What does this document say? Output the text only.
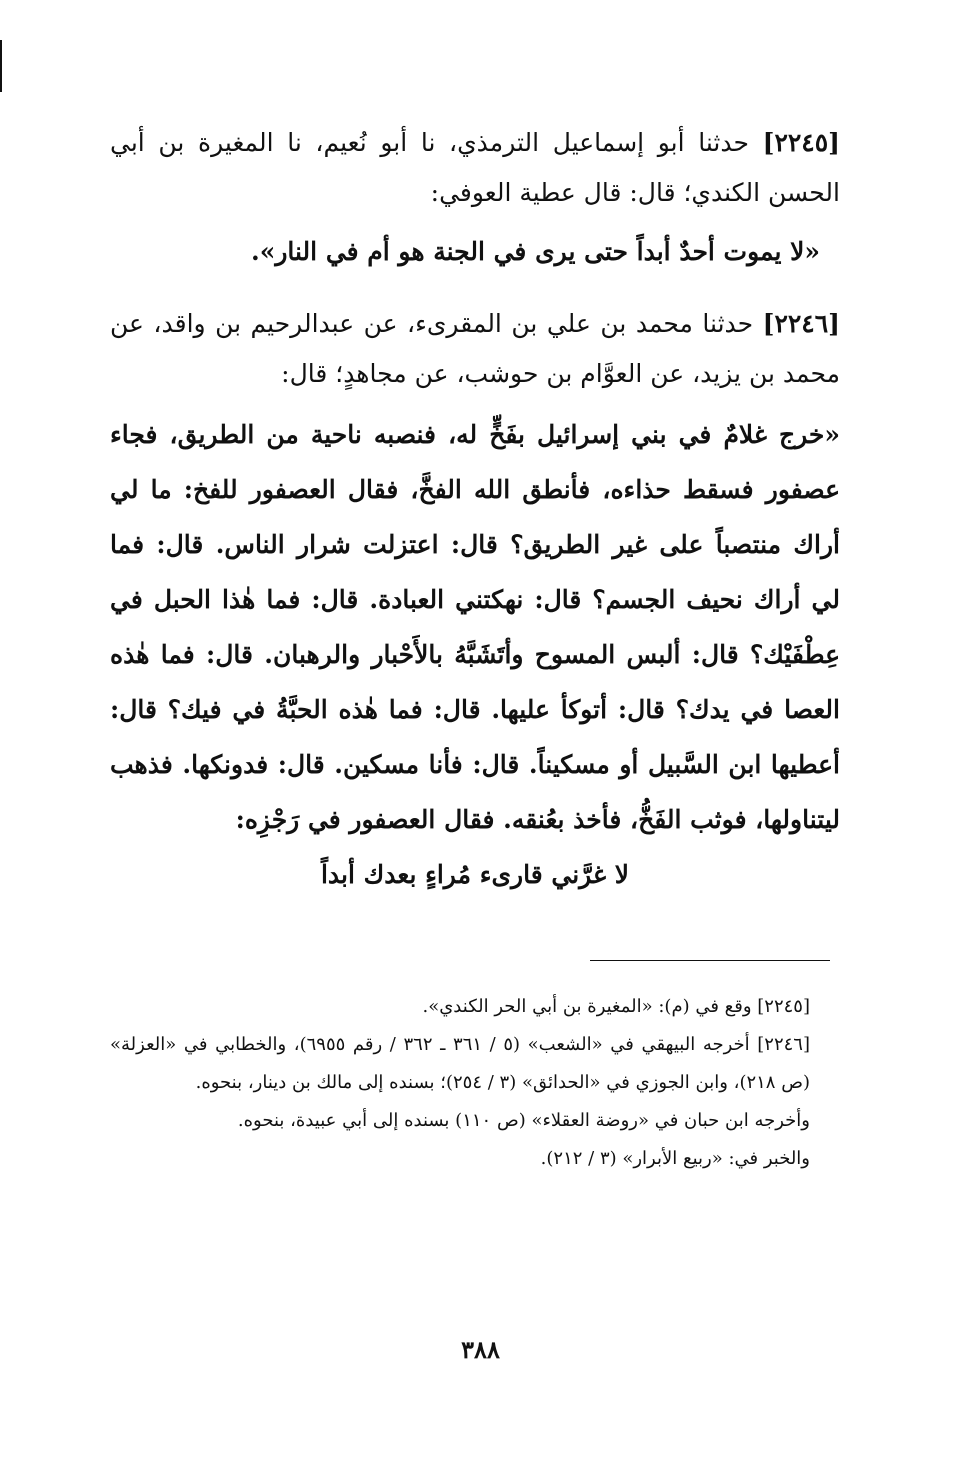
[٢٢٤٥] حدثنا أبو إسماعيل الترمذي، نا أبو نُعيم، نا المغيرة بن أبي الحسن الكندي؛ قال: قال عطية العوفي:

«لا يموت أحدٌ أبداً حتى يرى في الجنة هو أم في النار».

[٢٢٤٦] حدثنا محمد بن علي بن المقرىء، عن عبدالرحيم بن واقد، عن محمد بن يزيد، عن العوَّام بن حوشب، عن مجاهدٍ؛ قال:

«خرج غلامٌ في بني إسرائيل بفَخٍّ له، فنصبه ناحية من الطريق، فجاء عصفور فسقط حذاءه، فأنطق الله الفخَّ، فقال العصفور للفخ: ما لي أراك منتصباً على غير الطريق؟ قال: اعتزلت شرار الناس. قال: فما لي أراك نحيف الجسم؟ قال: نهكتني العبادة. قال: فما هٰذا الحبل في عِطْفَيْك؟ قال: ألبس المسوح وأتَشَبَّهُ بالأَحْبار والرهبان. قال: فما هٰذه العصا في يدك؟ قال: أتوكأ عليها. قال: فما هٰذه الحبَّةُ في فيك؟ قال: أعطيها ابن السَّبيل أو مسكيناً. قال: فأنا مسكين. قال: فدونكها. فذهب ليتناولها، فوثب الفَخُّ، فأخذ بعُنقه. فقال العصفور في رَجْزِه:

لا غرَّني قارىء مُراءٍ بعدك أبداً

[٢٢٤٥] وقع في (م): «المغيرة بن أبي الحر الكندي».

[٢٢٤٦] أخرجه البيهقي في «الشعب» (٥ / ٣٦١ ـ ٣٦٢ / رقم ٦٩٥٥)، والخطابي في «العزلة» (ص ٢١٨)، وابن الجوزي في «الحدائق» (٣ / ٢٥٤)؛ بسنده إلى مالك بن دينار، بنحوه.

وأخرجه ابن حبان في «روضة العقلاء» (ص ١١٠) بسنده إلى أبي عبيدة، بنحوه.

والخبر في: «ربيع الأبرار» (٣ / ٢١٢).

٣٨٨
